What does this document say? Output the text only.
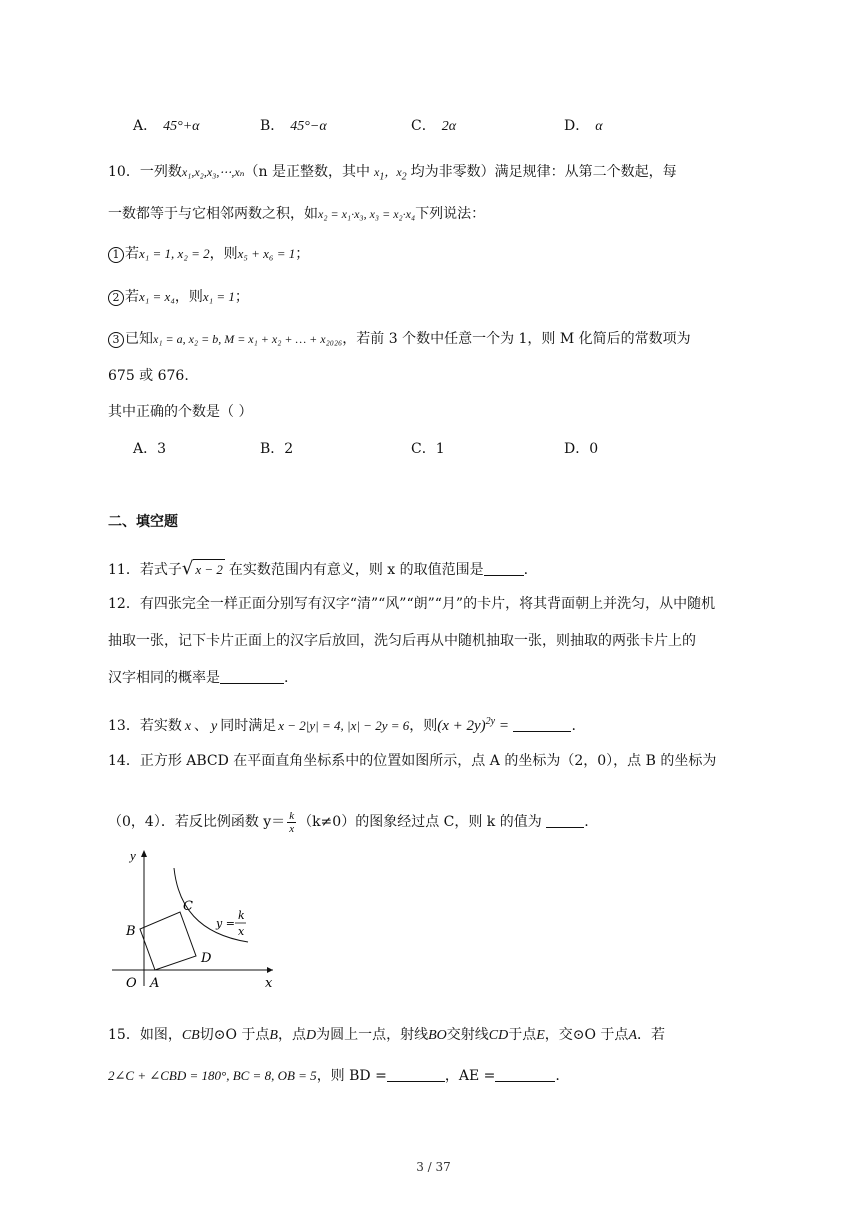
A． 45°+α	B． 45°−α	C． 2α	D． α
10．一列数x₁,x₂,x₃,⋯,xₙ（n 是正整数，其中 $x_1$，$x_2$ 均为非零数）满足规律：从第二个数起，每
一数都等于与它相邻两数之积，如x₂ = x₁·x₃, x₃ = x₂·x₄下列说法：
1 若x₁ = 1, x₂ = 2，则x₅ + x₆ = 1；
2 若x₁ = x₄，则x₁ = 1；
3 已知x₁ = a, x₂ = b, M = x₁ + x₂ + … + x₂₀₂₆，若前 3 个数中任意一个为 1，则 M 化简后的常数项为
675 或 676.
其中正确的个数是（ ）
A．3	B．2	C．1	D．0
二、填空题
11．若式子√ x − 2 在实数范围内有意义，则 x 的取值范围是	.
12．有四张完全一样正面分别写有汉字“清”“风”“朗”“月”的卡片，将其背面朝上并洗匀，从中随机
抽取一张，记下卡片正面上的汉字后放回，洗匀后再从中随机抽取一张，则抽取的两张卡片上的
汉字相同的概率是	.
13．若实数 x 、 y 同时满足 x − 2|y| = 4, |x| − 2y = 6，则$(x + 2y)^{2y}$ =	.
14．正方形 ABCD 在平面直角坐标系中的位置如图所示，点 A 的坐标为（2，0），点 B 的坐标为
（0，4）．若反比例函数 $y= \frac{k}{x} (k\ne 0)$的图象经过点 C，则 k 的值为	.
y
x
O A
B
C
D
y =
k
x
15．如图，CB切⊙O 于点B，点D为圆上一点，射线BO交射线CD于点E，交⊙O 于点A．若
2∠C + ∠CBD = 180°, BC = 8, OB = 5，则 BD =	，AE =	.
3 / 37
